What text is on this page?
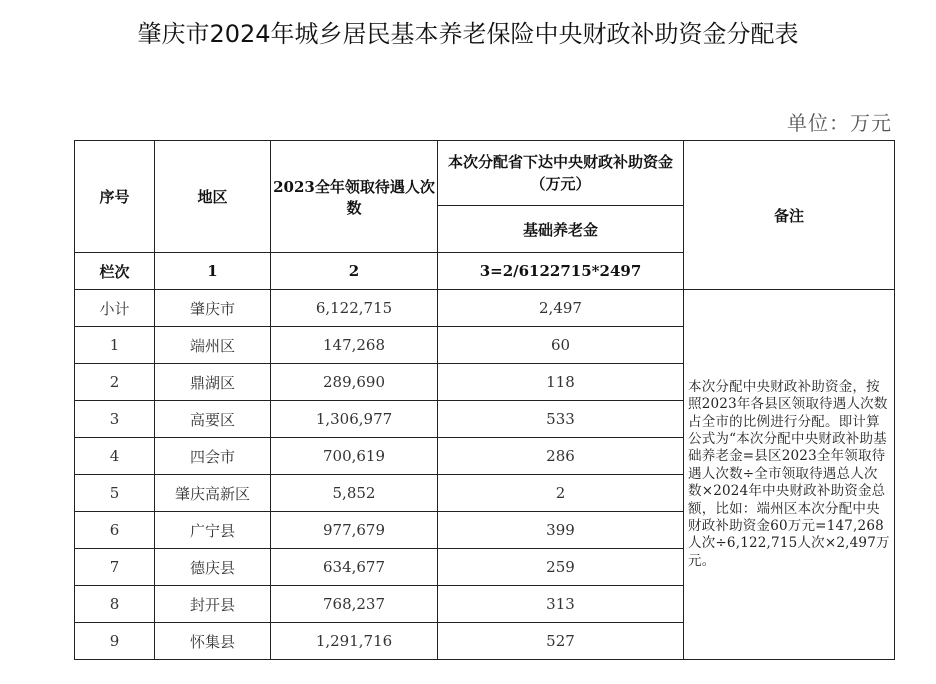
肇庆市2024年城乡居民基本养老保险中央财政补助资金分配表
单位：万元
序号	地区	2023全年领取待遇人次数	本次分配省下达中央财政补助资金（万元）	备注
			基础养老金	
栏次	1	2	3=2/6122715*2497	
小计	肇庆市	6,122,715	2,497	本次分配中央财政补助资金，按照2023年各县区领取待遇人次数占全市的比例进行分配。即计算公式为“本次分配中央财政补助基础养老金=县区2023全年领取待遇人次数÷全市领取待遇总人次数×2024年中央财政补助资金总额，比如：端州区本次分配中央财政补助资金60万元=147,268人次÷6,122,715人次×2,497万元。
1	端州区	147,268	60	
2	鼎湖区	289,690	118	
3	高要区	1,306,977	533	
4	四会市	700,619	286	
5	肇庆高新区	5,852	2	
6	广宁县	977,679	399	
7	德庆县	634,677	259	
8	封开县	768,237	313	
9	怀集县	1,291,716	527	
